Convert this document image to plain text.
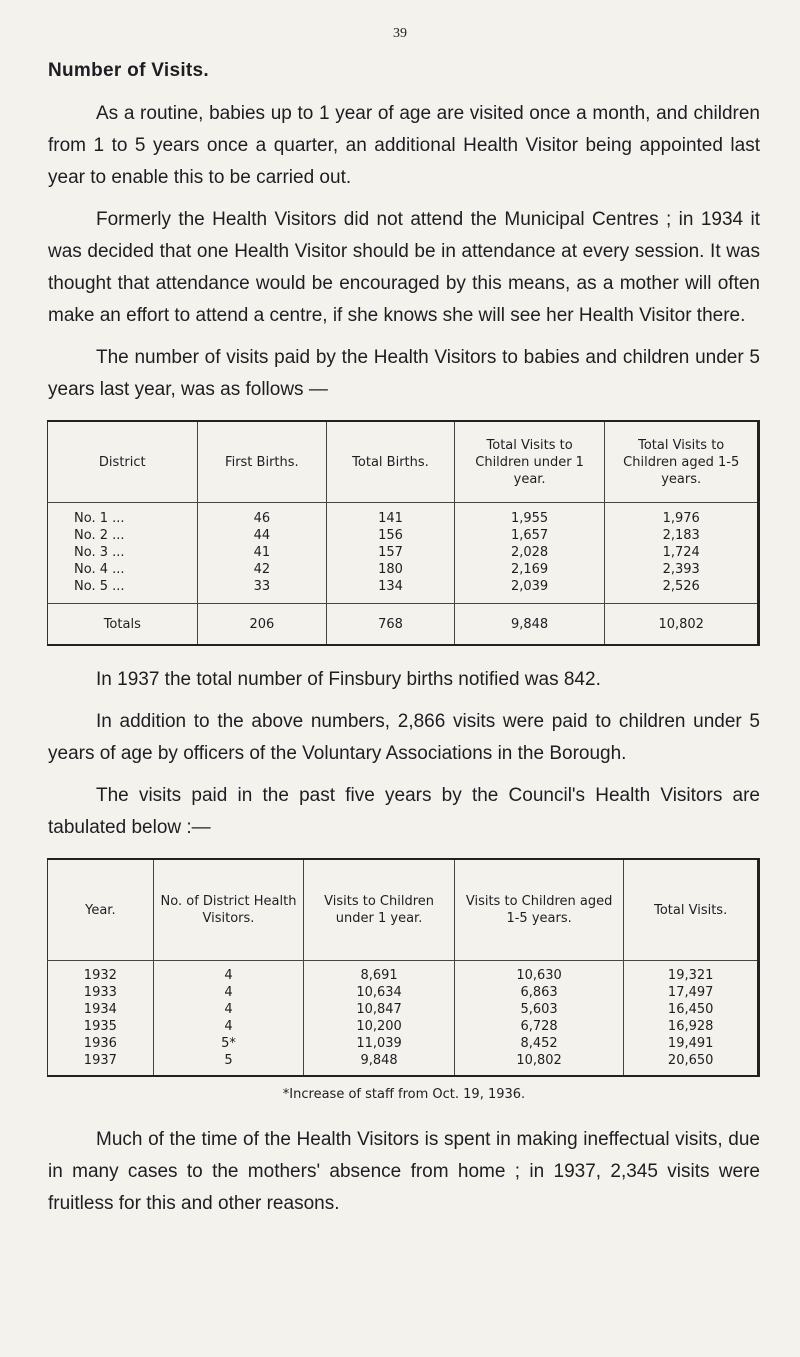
39
Number of Visits.

As a routine, babies up to 1 year of age are visited once a month, and children from 1 to 5 years once a quarter, an additional Health Visitor being appointed last year to enable this to be carried out.

Formerly the Health Visitors did not attend the Municipal Centres ; in 1934 it was decided that one Health Visitor should be in attendance at every session. It was thought that attendance would be encouraged by this means, as a mother will often make an effort to attend a centre, if she knows she will see her Health Visitor there.

The number of visits paid by the Health Visitors to babies and children under 5 years last year, was as follows —

District	First Births.	Total Births.	Total Visits to Children under 1 year.	Total Visits to Children aged 1-5 years.
No. 1 ...	46	141	1,955	1,976
No. 2 ...	44	156	1,657	2,183
No. 3 ...	41	157	2,028	1,724
No. 4 ...	42	180	2,169	2,393
No. 5 ...	33	134	2,039	2,526
Totals	206	768	9,848	10,802

In 1937 the total number of Finsbury births notified was 842.

In addition to the above numbers, 2,866 visits were paid to children under 5 years of age by officers of the Voluntary Associations in the Borough.

The visits paid in the past five years by the Council's Health Visitors are tabulated below :—

Year.	No. of District Health Visitors.	Visits to Children under 1 year.	Visits to Children aged 1-5 years.	Total Visits.
1932	4	8,691	10,630	19,321
1933	4	10,634	6,863	17,497
1934	4	10,847	5,603	16,450
1935	4	10,200	6,728	16,928
1936	5*	11,039	8,452	19,491
1937	5	9,848	10,802	20,650
*Increase of staff from Oct. 19, 1936.

Much of the time of the Health Visitors is spent in making ineffectual visits, due in many cases to the mothers' absence from home ; in 1937, 2,345 visits were fruitless for this and other reasons.
